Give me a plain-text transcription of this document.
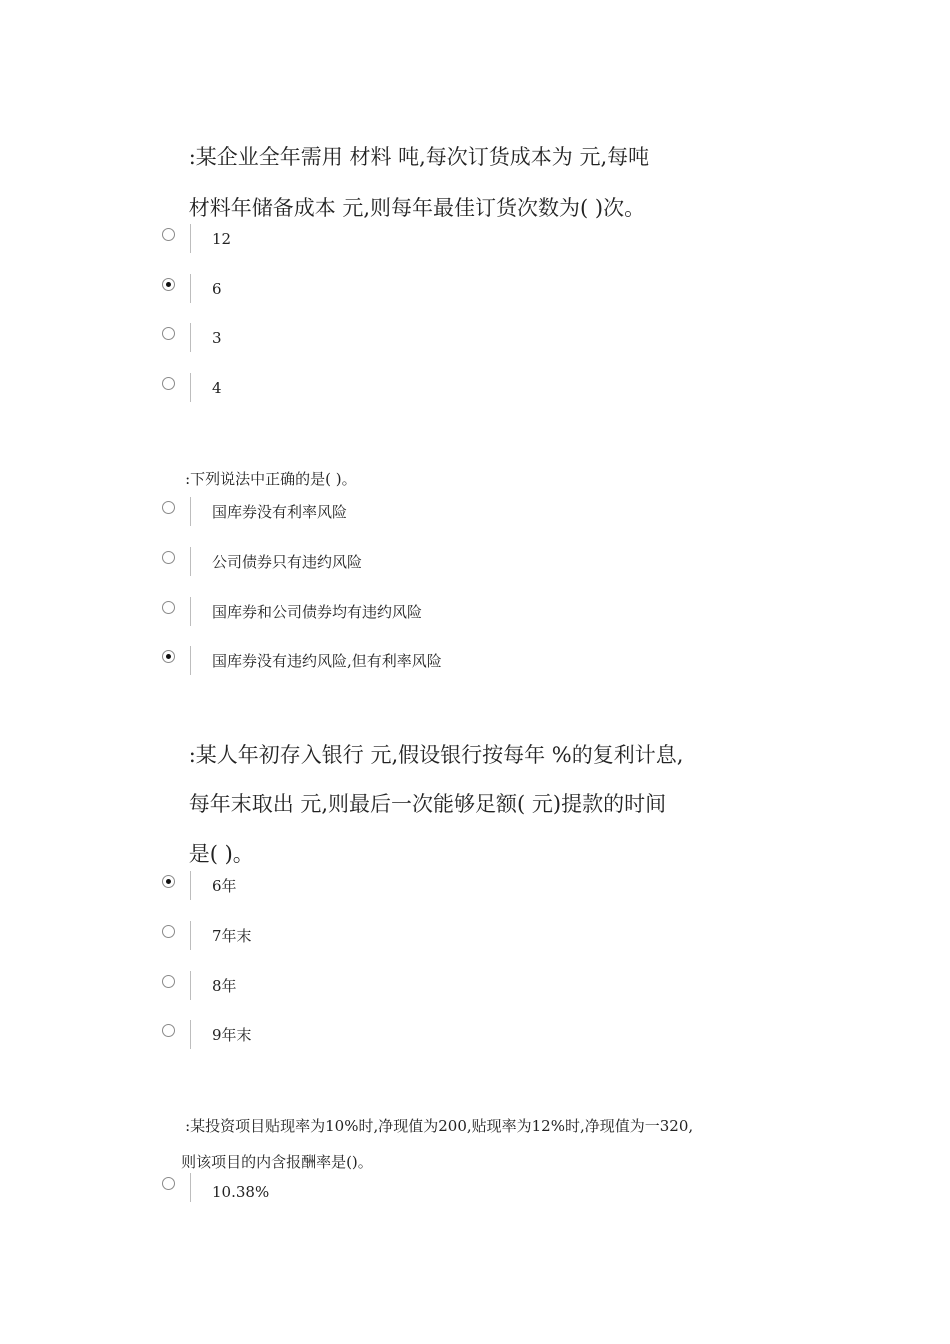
:某企业全年需用 材料 吨,每次订货成本为 元,每吨

材料年储备成本 元,则每年最佳订货次数为( )次。

12
6
3
4

:下列说法中正确的是( )。

国库券没有利率风险
公司债券只有违约风险
国库券和公司债券均有违约风险
国库券没有违约风险,但有利率风险

:某人年初存入银行 元,假设银行按每年 %的复利计息,

每年末取出 元,则最后一次能够足额( 元)提款的时间

是( )。

6年
7年末
8年
9年末

:某投资项目贴现率为10%时,净现值为200,贴现率为12%时,净现值为一320,

则该项目的内含报酬率是()。

10.38%
